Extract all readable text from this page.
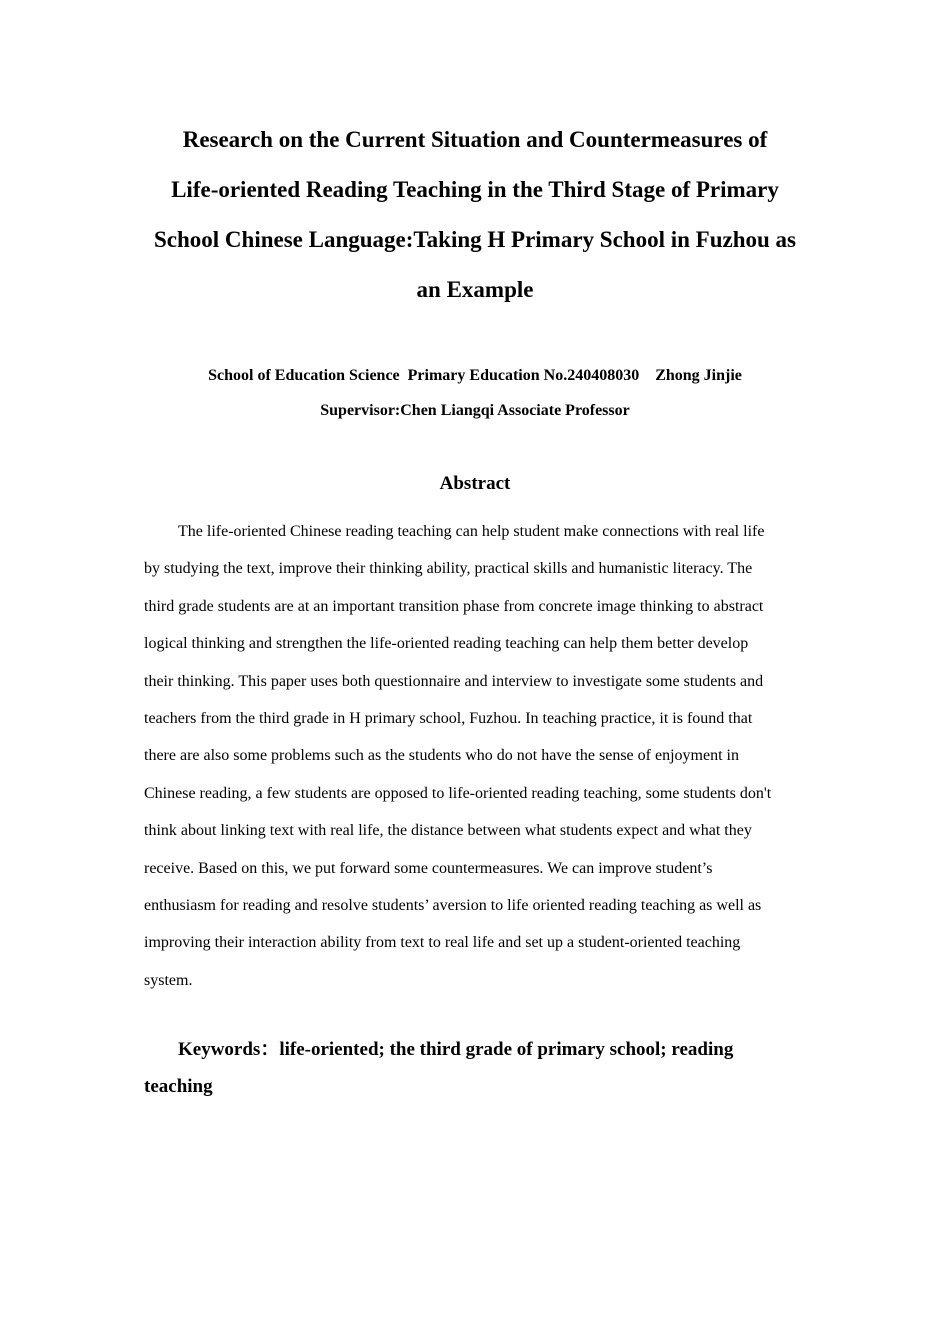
Research on the Current Situation and Countermeasures of
Life-oriented Reading Teaching in the Third Stage of Primary
School Chinese Language:Taking H Primary School in Fuzhou as
an Example

School of Education Science  Primary Education No.240408030    Zhong Jinjie

Supervisor:Chen Liangqi Associate Professor

Abstract
The life-oriented Chinese reading teaching can help student make connections with real life
by studying the text, improve their thinking ability, practical skills and humanistic literacy. The
third grade students are at an important transition phase from concrete image thinking to abstract
logical thinking and strengthen the life-oriented reading teaching can help them better develop
their thinking. This paper uses both questionnaire and interview to investigate some students and
teachers from the third grade in H primary school, Fuzhou. In teaching practice, it is found that
there are also some problems such as the students who do not have the sense of enjoyment in
Chinese reading, a few students are opposed to life-oriented reading teaching, some students don't
think about linking text with real life, the distance between what students expect and what they
receive. Based on this, we put forward some countermeasures. We can improve student’s
enthusiasm for reading and resolve students’ aversion to life oriented reading teaching as well as
improving their interaction ability from text to real life and set up a student-oriented teaching
system.
Keywords：life-oriented; the third grade of primary school; reading
teaching
